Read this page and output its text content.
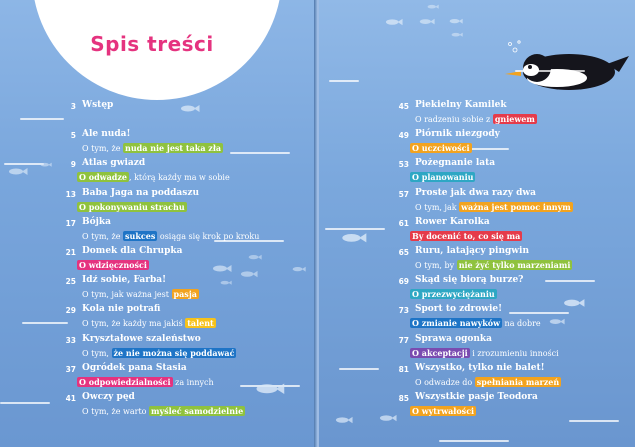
Spis treści
3 Wstęp
5 Ale nuda!
O tym, że nuda nie jest taka zła
9 Atlas gwiazd
O odwadze , którą każdy ma w sobie
13 Baba Jaga na poddaszu
O pokonywaniu strachu
17 Bójka
O tym, że sukces osiąga się krok po kroku
21 Domek dla Chrupka
O wdzięczności
25 Idź sobie, Farba!
O tym, jak ważna jest pasja
29 Kola nie potrafi
O tym, że każdy ma jakiś talent
33 Kryształowe szaleństwo
O tym, że nie można się poddawać
37 Ogródek pana Stasia
O odpowiedzialności za innych
41 Owczy pęd
O tym, że warto myśleć samodzielnie
45 Piekielny Kamilek
O radzeniu sobie z gniewem
49 Piórnik niezgody
O uczciwości
53 Pożegnanie lata
O planowaniu
57 Proste jak dwa razy dwa
O tym, jak ważna jest pomoc innym
61 Rower Karolka
By docenić to, co się ma
65 Ruru, latający pingwin
O tym, by nie żyć tylko marzeniami
69 Skąd się biorą burze?
O przezwyciężaniu
73 Sport to zdrowie!
O zmianie nawyków na dobre
77 Sprawa ogonka
O akceptacji i zrozumieniu inności
81 Wszystko, tylko nie balet!
O odwadze do spełniania marzeń
85 Wszystkie pasje Teodora
O wytrwałości
